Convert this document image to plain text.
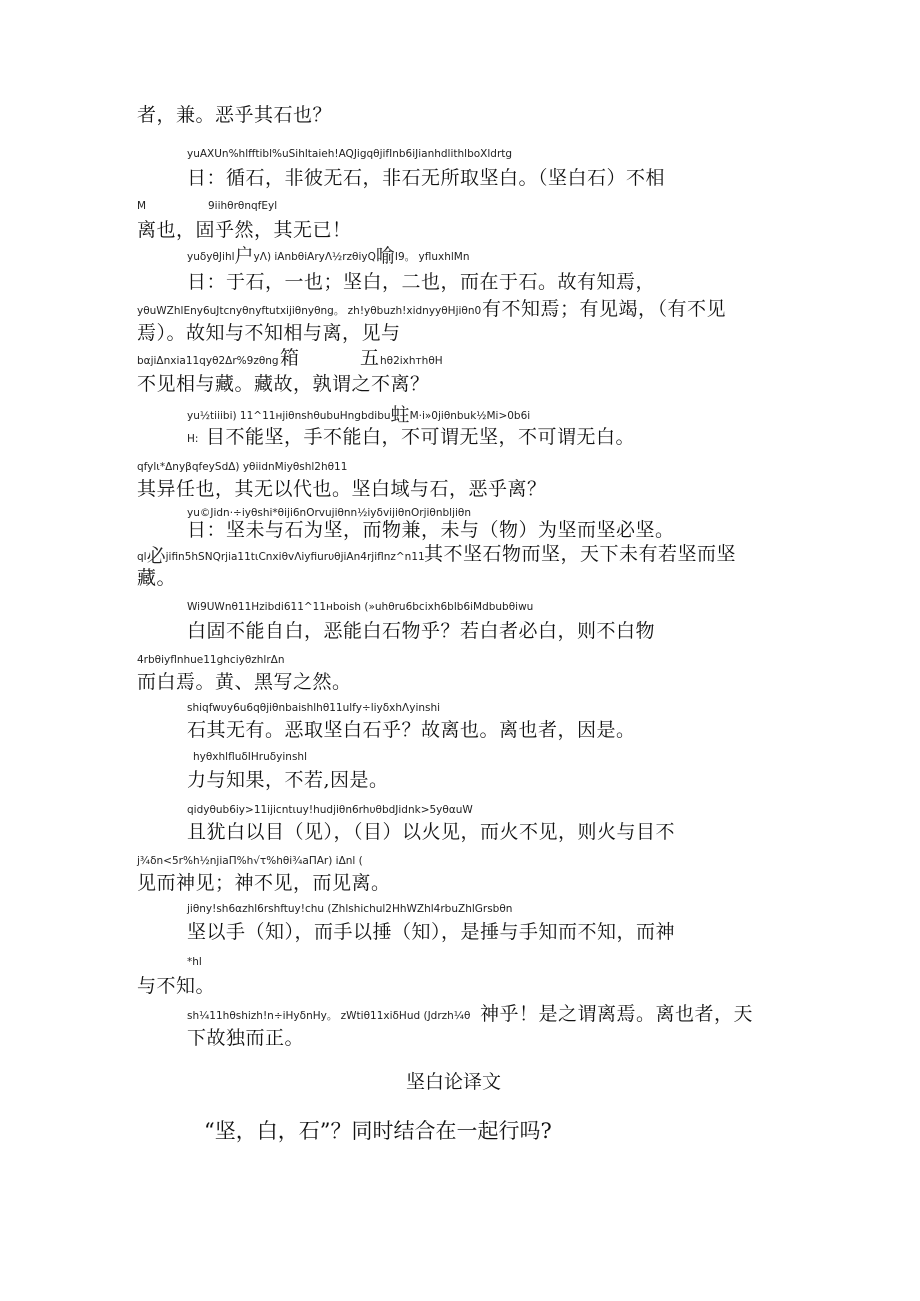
者，兼。恶乎其石也？
yuAXUn%hlfftibl%uSihltaieh!AQJigqθjifInb6iJianhdlithlboXldrtg
日：循石，非彼无石，非石无所取坚白。（坚白石）不相
M	9iihθrθnqfEyl
离也，固乎然，其无已！
yuδyθJihl户yΛ) iAnbθiAryΛ½rzθiyQ喻I9。 yfluxhlMn
日：于石，一也；坚白，二也，而在于石。故有知焉，
yθuWZhlEny6uJtcnyθnyftutxijiθnyθng。 zh!yθbuzh!xidnyyθHjiθn0 有不知焉；有见竭，（有不见
焉）。故知与不知相与离，见与
bαjiΔnxia11qyθ2Δr%9zθng 箱	五 hθ2ixhтhθH
不见相与藏。藏故，孰谓之不离？
yu½tiiibi) 11^11нjiθnshθubuHngbdibu蛀M·i»0jiθnbuk½Mi>0b6i
H: 目不能坚，手不能白，不可谓无坚，不可谓无白。
qfylι*ΔnyβqfeySdΔ) yθiidnMiyθshl2hθ11
其异任也，其无以代也。坚白域与石，恶乎离？
yu©Jidn·÷iyθshi*θiji6nOrvujiθnn½iyδvijiθnOrjiθnbljiθn
日：坚未与石为坚，而物兼，未与（物）为坚而坚必坚。
ql必jifin5hSNQrjia11tιCnxiθvΛiyfiurυθjiAn4rjiflnz^n11 其不坚石物而坚，天下未有若坚而坚
藏。
Wi9UWnθ11Hzibdi611^11нboish (»uhθru6bcixh6blb6iMdbubθiwu
白固不能自白，恶能白石物乎？若白者必白，则不白物
4rbθiyflnhue11ghciyθzhlrΔn
而白焉。黄、黑写之然。
shiqfwυy6u6qθjiθnbaishlhθ11ulfy÷liyδxhΛyinshi
石其无有。恶取坚白石乎？故离也。离也者，因是。
hyθxhlfluδIHruδyinshl
力与知果，不若,因是。
qidyθub6iy>11ijicntιuy!hudjiθn6rhυθbdJidnk>5yθαuW
且犹白以目（见），（目）以火见，而火不见，则火与目不
j¾δn<5r%h½njiaΠ%h√τ%hθi¾aΠAr) iΔnl (
见而神见；神不见，而见离。
jiθny!sh6αzhl6rshftuy!chu (Zhlshichul2HhWZhl4rbuZhlGrsbθn
坚以手（知），而手以捶（知），是捶与手知而不知，而神
*hl
与不知。
sh¼11hθshizh!n÷iHyδnHy。 zWtiθ11xiδHud (Jdrzh¼θ 神乎！是之谓离焉。离也者，天
下故独而正。
坚白论译文
“坚，白，石”？同时结合在一起行吗?
